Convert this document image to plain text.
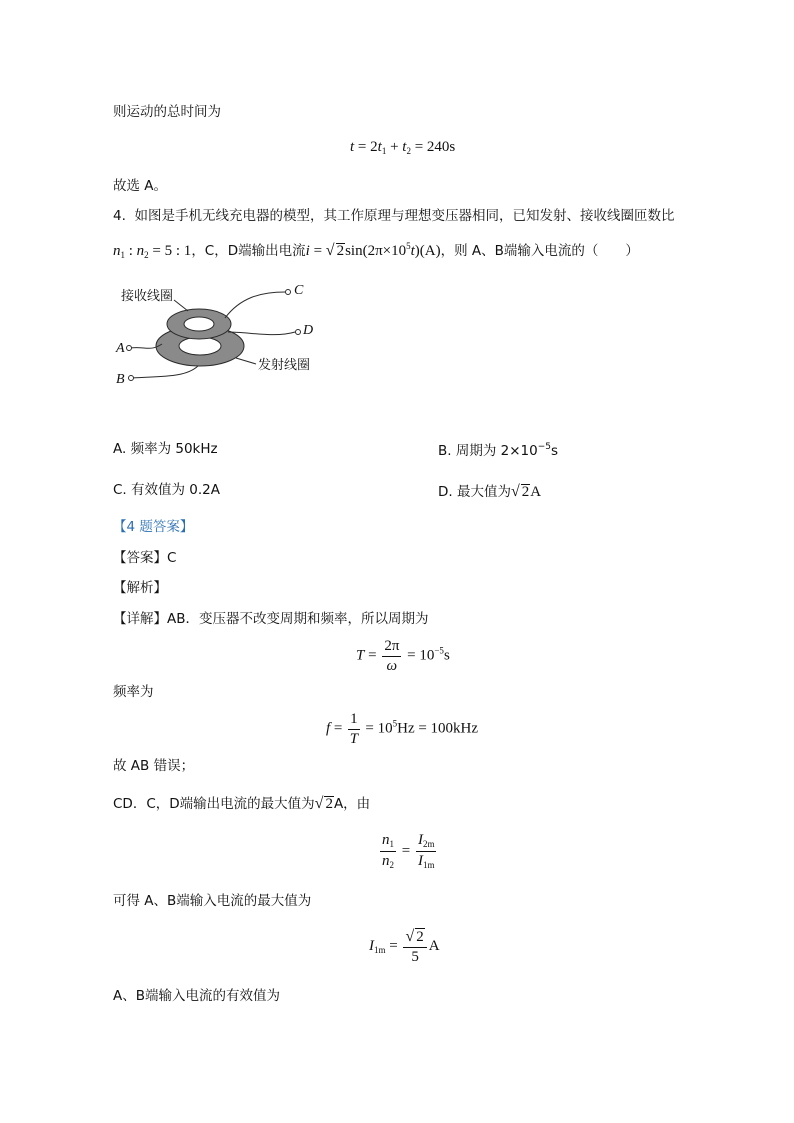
则运动的总时间为
$t = 2t_1 + t_2 = 240s$
故选 A。
4. 如图是手机无线充电器的模型，其工作原理与理想变压器相同，已知发射、接收线圈匝数比
$n_1$ : $n_2 = 5$ : 1，C，D端输出电流i = √ $2\sin(2\pi\times 10^5t)(A)$，则 A、B端输入电流的（　　）
接收线圈
发射线圈
C
D
A
B
A. 频率为 50kHz	B. 周期为 $2\times 10^{-5}s$
C. 有效值为 0.2A	D. 最大值为√ 2A
【4 题答案】
【答案】C
【解析】
【详解】AB．变压器不改变周期和频率，所以周期为
$T = \frac{2\pi}{\omega} = 10^{-5}s$
频率为
$f = \frac{1}{T} = 10^5Hz = 100kHz$
故 AB 错误；
CD．C，D端输出电流的最大值为√ 2A，由
$\frac{n_1}{n_2} = \frac{I_{2m}}{I_{1m}}$
可得 A、B端输入电流的最大值为
$I_{1m} = \frac{√ 2}{5}$ A
A、B端输入电流的有效值为
